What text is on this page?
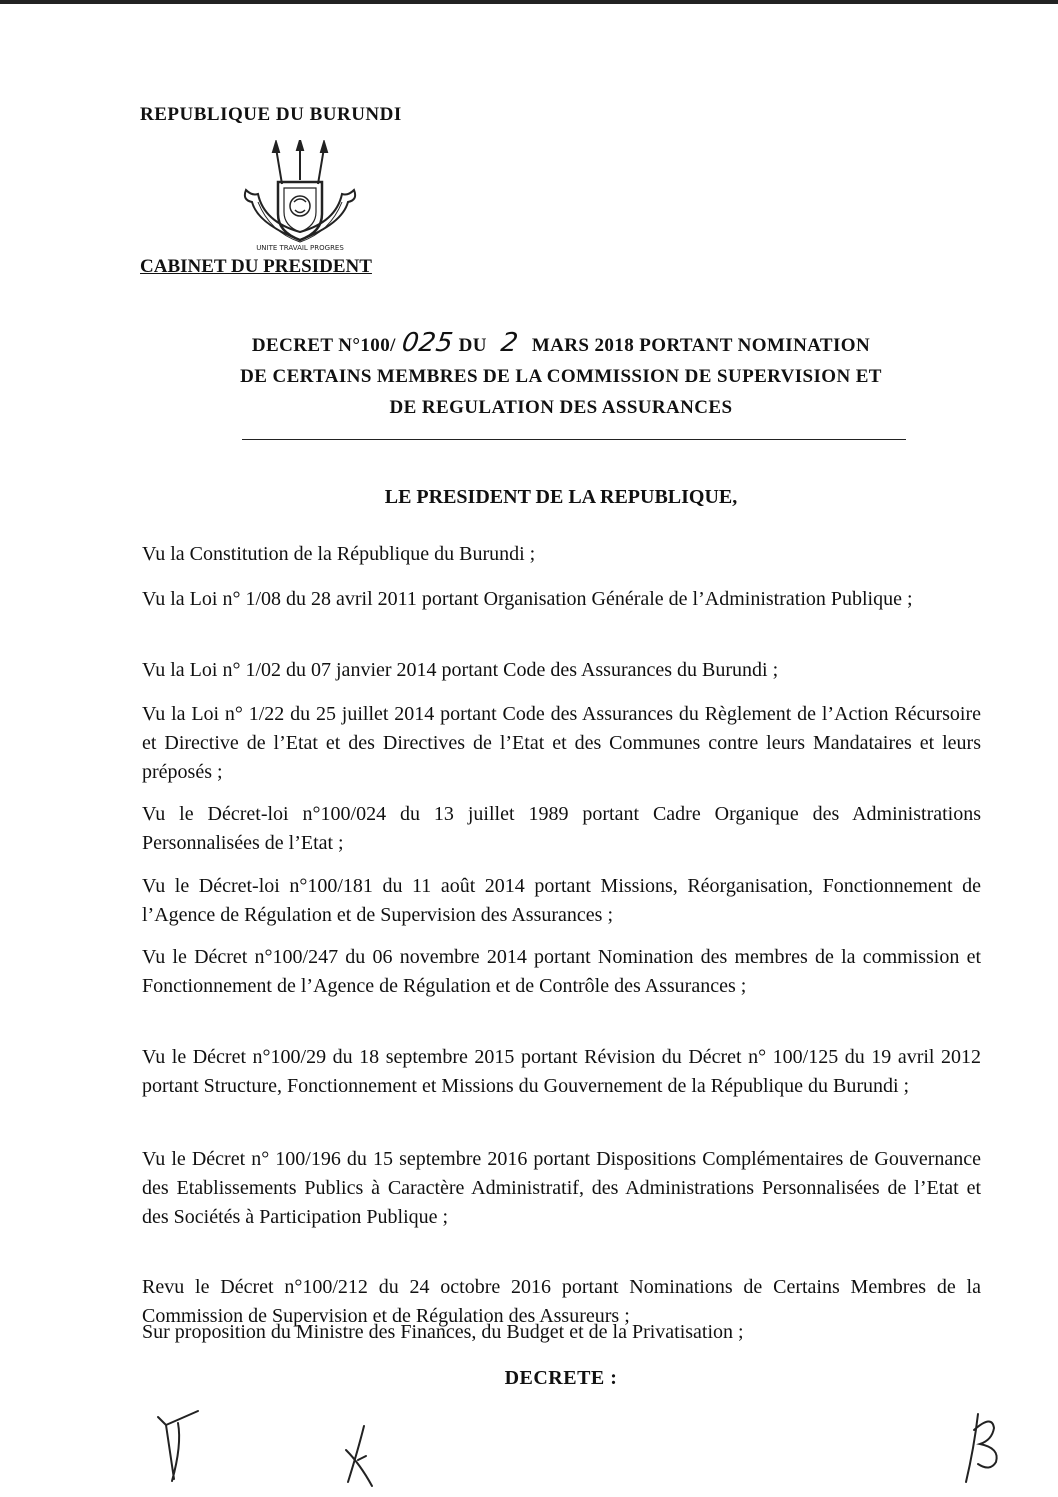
REPUBLIQUE DU BURUNDI
UNITE TRAVAIL PROGRES
CABINET DU PRESIDENT
DECRET N°100/ 025 DU 2 MARS 2018 PORTANT NOMINATION
DE CERTAINS MEMBRES DE LA COMMISSION DE SUPERVISION ET
DE REGULATION DES ASSURANCES
LE PRESIDENT DE LA REPUBLIQUE,

Vu la Constitution de la République du Burundi ;

Vu la Loi n° 1/08 du 28 avril 2011 portant Organisation Générale de l’Administration Publique ;

Vu la Loi n° 1/02 du 07 janvier 2014 portant Code des Assurances du Burundi ;

Vu la Loi n° 1/22 du 25 juillet 2014 portant Code des Assurances du Règlement de l’Action Récursoire et Directive de l’Etat et des Directives de l’Etat et des Communes contre leurs Mandataires et leurs préposés ;

Vu le Décret-loi n°100/024 du 13 juillet 1989 portant Cadre Organique des Administrations Personnalisées de l’Etat ;

Vu le Décret-loi n°100/181 du 11 août 2014 portant Missions, Réorganisation, Fonctionnement de l’Agence de Régulation et de Supervision des Assurances ;

Vu le Décret n°100/247 du 06 novembre 2014 portant Nomination des membres de la commission et Fonctionnement de l’Agence de Régulation et de Contrôle des Assurances ;

Vu le Décret n°100/29 du 18 septembre 2015 portant Révision du Décret n° 100/125 du 19 avril 2012 portant Structure, Fonctionnement et Missions du Gouvernement de la République du Burundi ;

Vu le Décret n° 100/196 du 15 septembre 2016 portant Dispositions Complémentaires de Gouvernance des Etablissements Publics à Caractère Administratif, des Administrations Personnalisées de l’Etat et des Sociétés à Participation Publique ;

Revu le Décret n°100/212 du 24 octobre 2016 portant Nominations de Certains Membres de la Commission de Supervision et de Régulation des Assureurs ;

Sur proposition du Ministre des Finances, du Budget et de la Privatisation ;

DECRETE :
